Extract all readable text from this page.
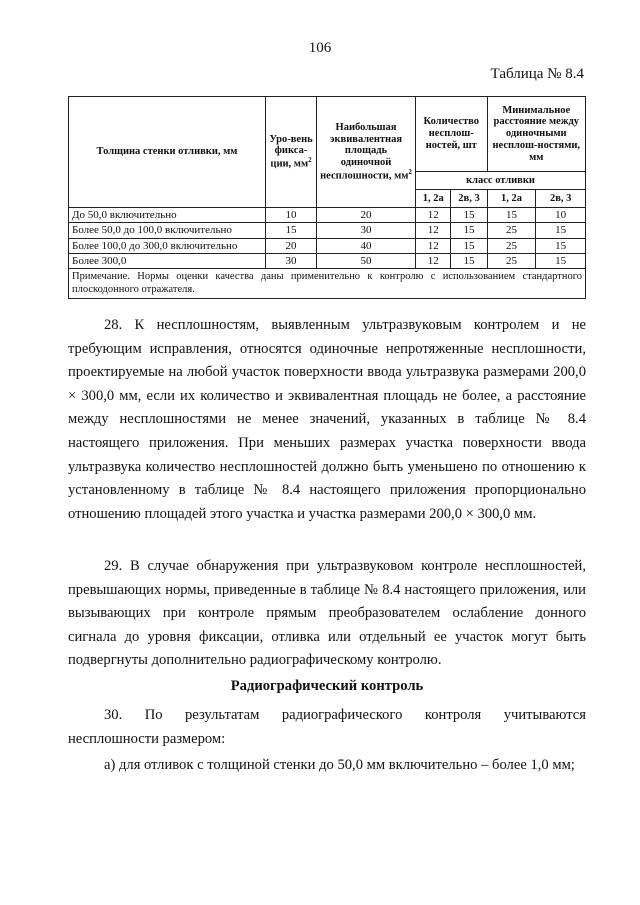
106
Таблица № 8.4
Толщина стенки отливки, мм	Уро-вень фикса-ции, $мм^2$	Наибольшая эквивалентная площадь одиночной несплошности, $мм^2$	Количество несплош-ностей, шт		Минимальное расстояние между одиночными несплош-ностями, мм	
			класс отливки			
			1, 2а	2в, 3	1, 2а	2в, 3
До 50,0 включительно	10	20	12	15	15	10
Более 50,0 до 100,0 включительно	15	30	12	15	25	15
Более 100,0 до 300,0 включительно	20	40	12	15	25	15
Более 300,0	30	50	12	15	25	15
Примечание. Нормы оценки качества даны применительно к контролю с использованием стандартного плоскодонного отражателя.						
28. К несплошностям, выявленным ультразвуковым контролем и не требующим исправления, относятся одиночные непротяженные несплошности, проектируемые на любой участок поверхности ввода ультразвука размерами 200,0 × 300,0 мм, если их количество и эквивалентная площадь не более, а расстояние между несплошностями не менее значений, указанных в таблице № 8.4 настоящего приложения. При меньших размерах участка поверхности ввода ультразвука количество несплошностей должно быть уменьшено по отношению к установленному в таблице № 8.4 настоящего приложения пропорционально отношению площадей этого участка и участка размерами 200,0 × 300,0 мм.
29. В случае обнаружения при ультразвуковом контроле несплошностей, превышающих нормы, приведенные в таблице № 8.4 настоящего приложения, или вызывающих при контроле прямым преобразователем ослабление донного сигнала до уровня фиксации, отливка или отдельный ее участок могут быть подвергнуты дополнительно радиографическому контролю.
Радиографический контроль
30. По результатам радиографического контроля учитываются несплошности размером:
а) для отливок с толщиной стенки до 50,0 мм включительно – более 1,0 мм;
